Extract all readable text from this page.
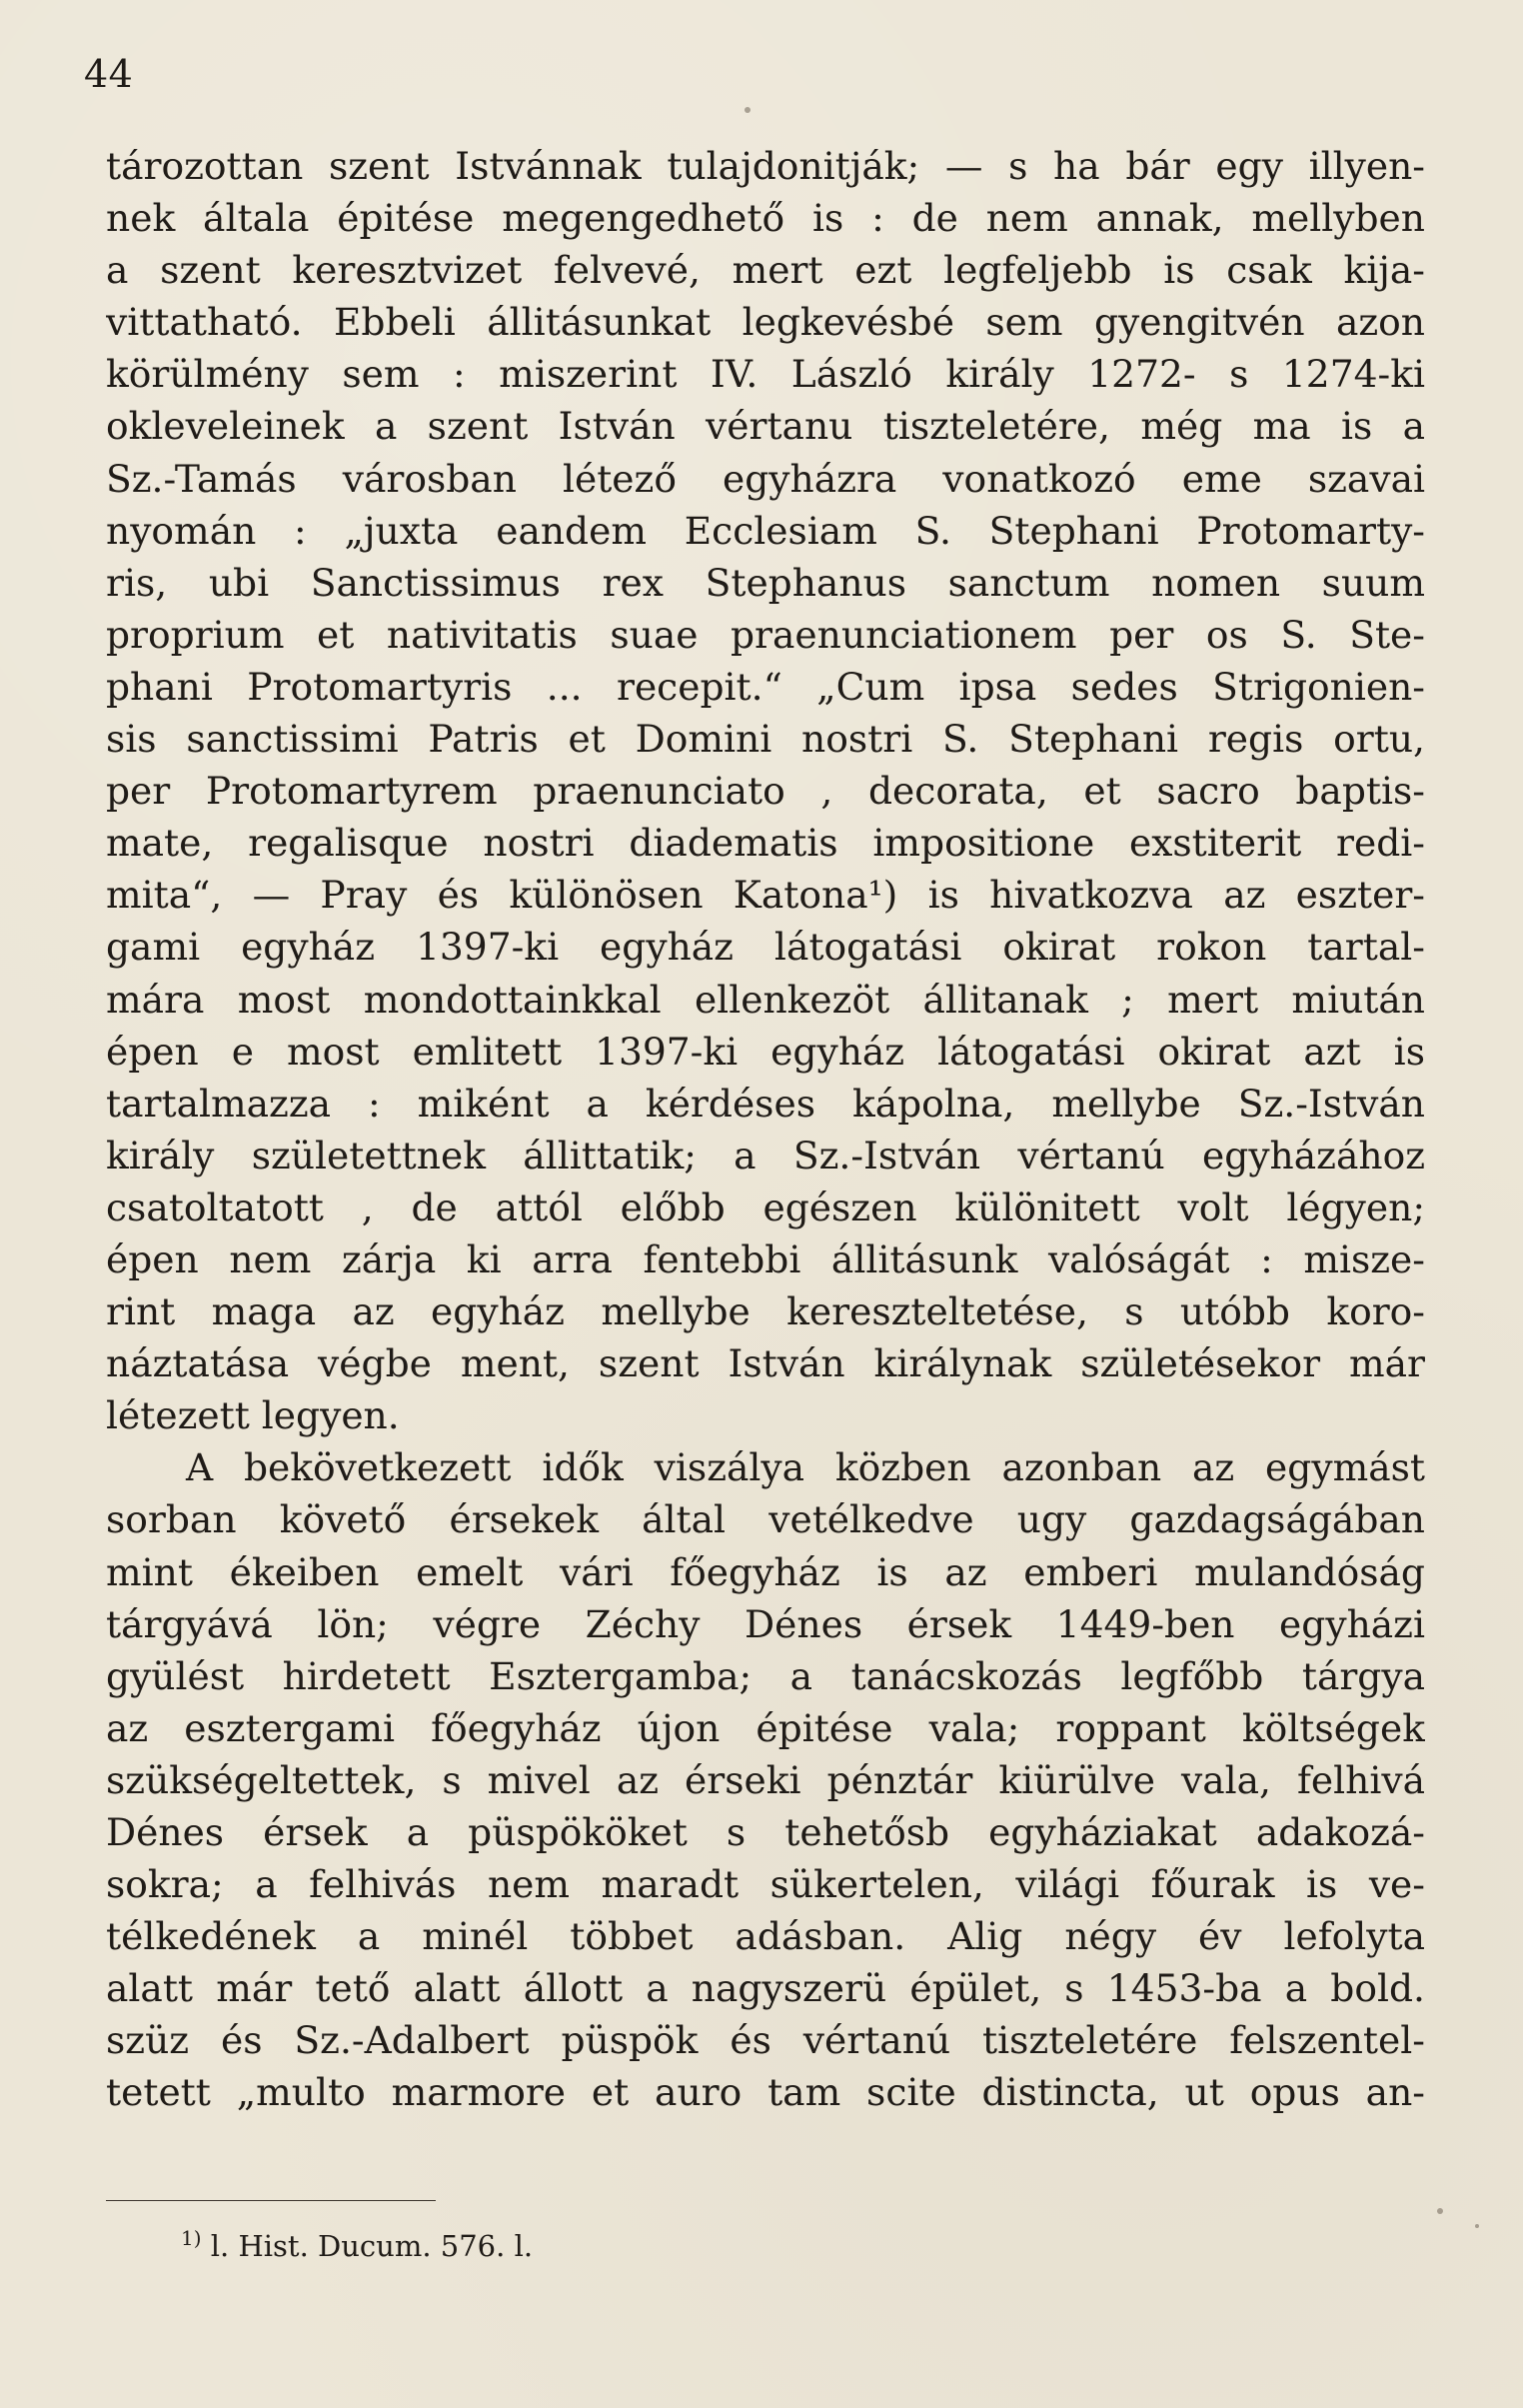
44
tározottan szent Istvánnak tulajdonitják; — s ha bár egy illyen-
nek általa épitése megengedhető is : de nem annak, mellyben
a szent keresztvizet felvevé, mert ezt legfeljebb is csak kija-
vittatható. Ebbeli állitásunkat legkevésbé sem gyengitvén azon
körülmény sem : miszerint IV. László király 1272- s 1274-ki
okleveleinek a szent István vértanu tiszteletére, még ma is a
Sz.-Tamás városban létező egyházra vonatkozó eme szavai
nyomán : „juxta eandem Ecclesiam S. Stephani Protomarty-
ris, ubi Sanctissimus rex Stephanus sanctum nomen suum
proprium et nativitatis suae praenunciationem per os S. Ste-
phani Protomartyris ... recepit.“ „Cum ipsa sedes Strigonien-
sis sanctissimi Patris et Domini nostri S. Stephani regis ortu,
per Protomartyrem praenunciato , decorata, et sacro baptis-
mate, regalisque nostri diadematis impositione exstiterit redi-
mita“, — Pray és különösen Katona¹) is hivatkozva az eszter-
gami egyház 1397-ki egyház látogatási okirat rokon tartal-
mára most mondottainkkal ellenkezöt állitanak ; mert miután
épen e most emlitett 1397-ki egyház látogatási okirat azt is
tartalmazza : miként a kérdéses kápolna, mellybe Sz.-István
király születettnek állittatik; a Sz.-István vértanú egyházához
csatoltatott , de attól előbb egészen különitett volt légyen;
épen nem zárja ki arra fentebbi állitásunk valóságát : misze-
rint maga az egyház mellybe kereszteltetése, s utóbb koro-
náztatása végbe ment, szent István királynak születésekor már
létezett legyen.
A bekövetkezett idők viszálya közben azonban az egymást
sorban követő érsekek által vetélkedve ugy gazdagságában
mint ékeiben emelt vári főegyház is az emberi mulandóság
tárgyává lön; végre Zéchy Dénes érsek 1449-ben egyházi
gyülést hirdetett Esztergamba; a tanácskozás legfőbb tárgya
az esztergami főegyház újon épitése vala; roppant költségek
szükségeltettek, s mivel az érseki pénztár kiürülve vala, felhivá
Dénes érsek a püspököket s tehetősb egyháziakat adakozá-
sokra; a felhivás nem maradt sükertelen, világi főurak is ve-
télkedének a minél többet adásban. Alig négy év lefolyta
alatt már tető alatt állott a nagyszerü épület, s 1453-ba a bold.
szüz és Sz.-Adalbert püspök és vértanú tiszteletére felszentel-
tetett „multo marmore et auro tam scite distincta, ut opus an-
1) l. Hist. Ducum. 576. l.
